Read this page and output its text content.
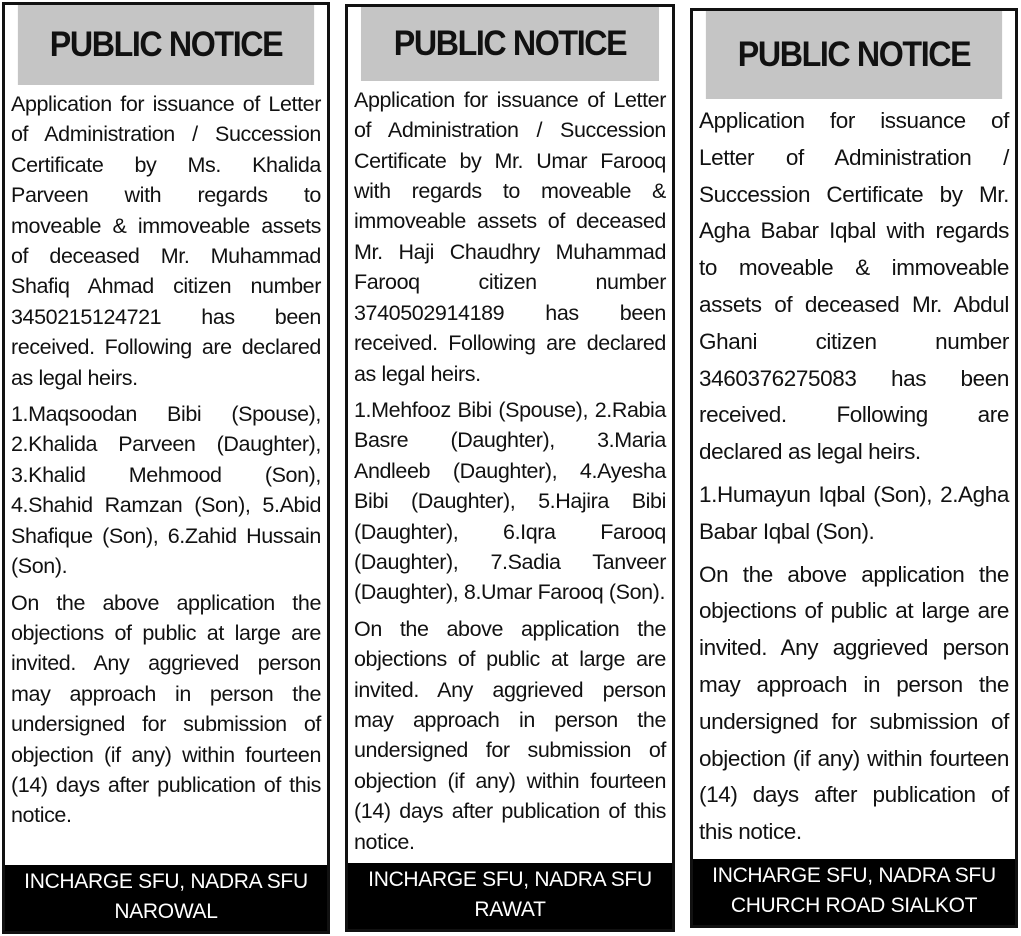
PUBLIC NOTICE

Application for issuance of Letter of Administration / Succession Certificate by Ms. Khalida Parveen with regards to moveable & immoveable assets of deceased Mr. Muhammad Shafiq Ahmad citizen number 3450215124721 has been received. Following are declared as legal heirs.

1.Maqsoodan Bibi (Spouse), 2.Khalida Parveen (Daughter), 3.Khalid Mehmood (Son), 4.Shahid Ramzan (Son), 5.Abid Shafique (Son), 6.Zahid Hussain (Son).

On the above application the objections of public at large are invited. Any aggrieved person may approach in person the undersigned for submission of objection (if any) within fourteen (14) days after publication of this notice.

INCHARGE SFU, NADRA SFU
NAROWAL
PUBLIC NOTICE

Application for issuance of Letter of Administration / Succession Certificate by Mr. Umar Farooq with regards to moveable & immoveable assets of deceased Mr. Haji Chaudhry Muhammad Farooq citizen number 3740502914189 has been received. Following are declared as legal heirs.

1.Mehfooz Bibi (Spouse), 2.Rabia Basre (Daughter), 3.Maria Andleeb (Daughter), 4.Ayesha Bibi (Daughter), 5.Hajira Bibi (Daughter), 6.Iqra Farooq (Daughter), 7.Sadia Tanveer (Daughter), 8.Umar Farooq (Son).

On the above application the objections of public at large are invited. Any aggrieved person may approach in person the undersigned for submission of objection (if any) within fourteen (14) days after publication of this notice.

INCHARGE SFU, NADRA SFU
RAWAT
PUBLIC NOTICE

Application for issuance of Letter of Administration / Succession Certificate by Mr. Agha Babar Iqbal with regards to moveable & immoveable assets of deceased Mr. Abdul Ghani citizen number 3460376275083 has been received. Following are declared as legal heirs.

1.Humayun Iqbal (Son), 2.Agha Babar Iqbal (Son).

On the above application the objections of public at large are invited. Any aggrieved person may approach in person the undersigned for submission of objection (if any) within fourteen (14) days after publication of this notice.

INCHARGE SFU, NADRA SFU
CHURCH ROAD SIALKOT
